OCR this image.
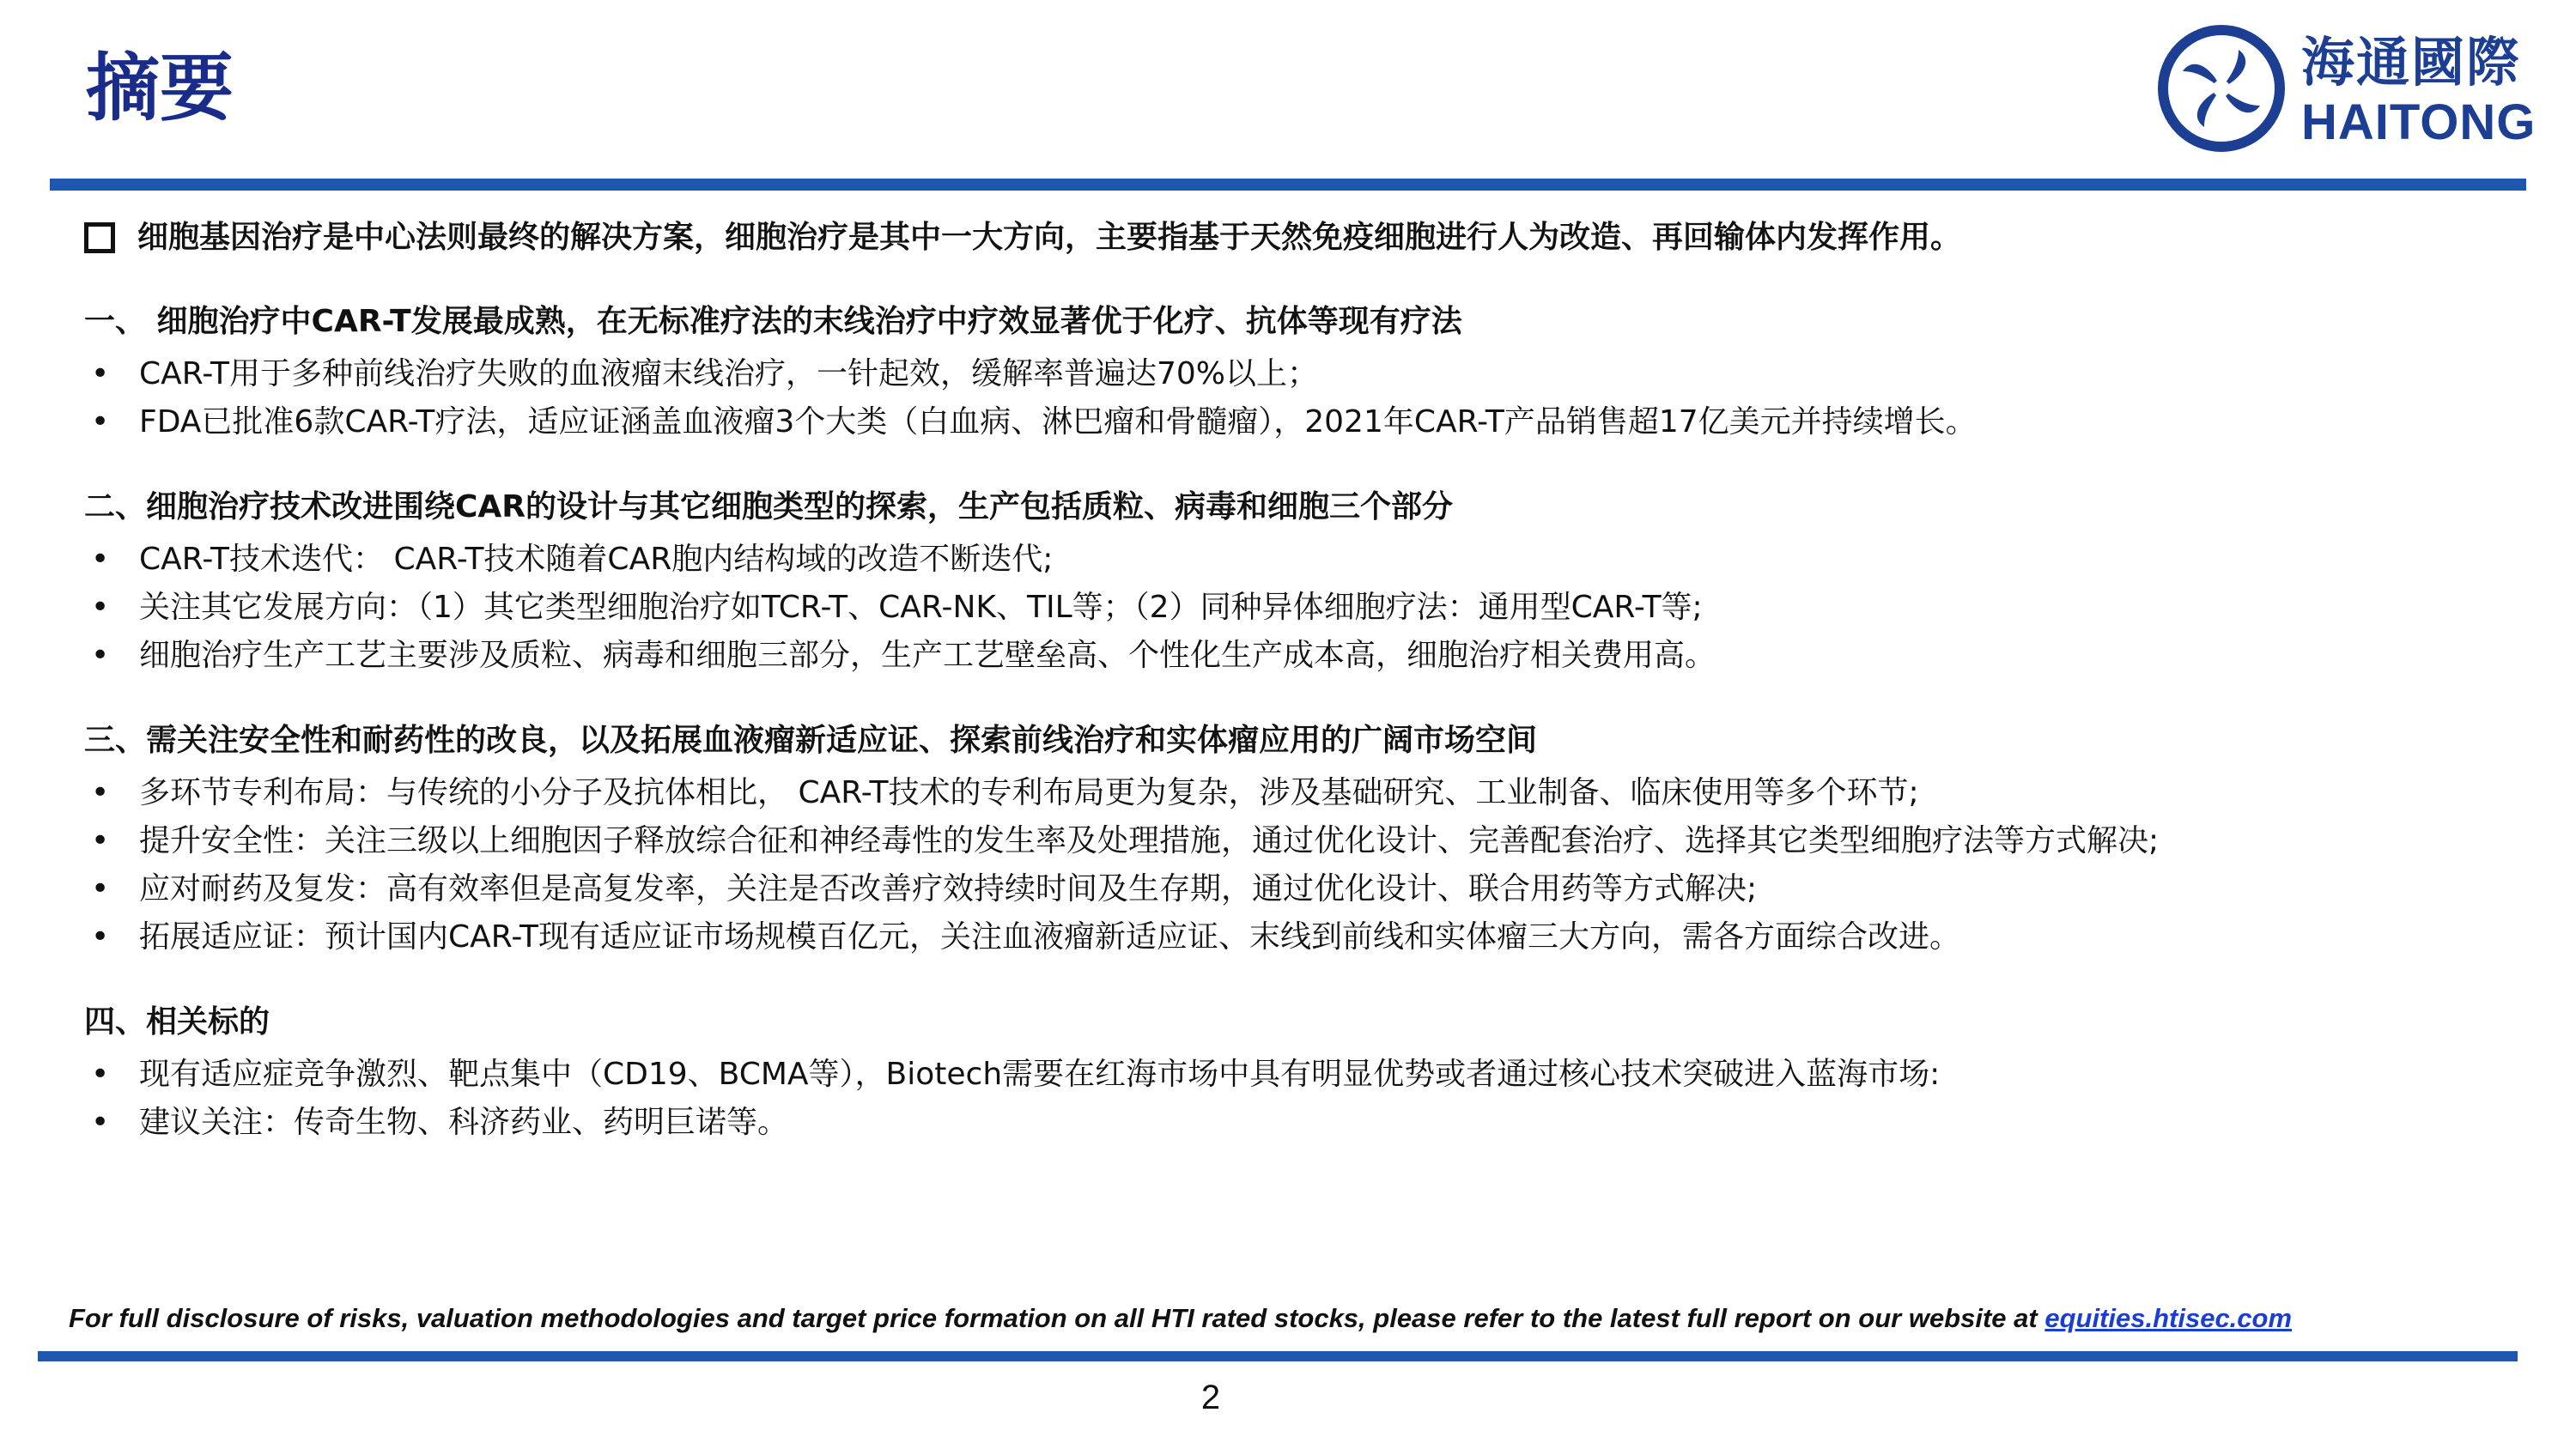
摘要	海通國際
HAITONG
细胞基因治疗是中心法则最终的解决方案，细胞治疗是其中一大方向，主要指基于天然免疫细胞进行人为改造、再回输体内发挥作用。
一、 细胞治疗中CAR-T发展最成熟，在无标准疗法的末线治疗中疗效显著优于化疗、抗体等现有疗法
• CAR-T用于多种前线治疗失败的血液瘤末线治疗，一针起效，缓解率普遍达70%以上；
• FDA已批准6款CAR-T疗法，适应证涵盖血液瘤3个大类（白血病、淋巴瘤和骨髓瘤），2021年CAR-T产品销售超17亿美元并持续增长。
二、细胞治疗技术改进围绕CAR的设计与其它细胞类型的探索，生产包括质粒、病毒和细胞三个部分
• CAR-T技术迭代： CAR-T技术随着CAR胞内结构域的改造不断迭代;
• 关注其它发展方向：（1）其它类型细胞治疗如TCR-T、CAR-NK、TIL等；（2）同种异体细胞疗法：通用型CAR-T等;
• 细胞治疗生产工艺主要涉及质粒、病毒和细胞三部分，生产工艺壁垒高、个性化生产成本高，细胞治疗相关费用高。
三、需关注安全性和耐药性的改良，以及拓展血液瘤新适应证、探索前线治疗和实体瘤应用的广阔市场空间
• 多环节专利布局：与传统的小分子及抗体相比， CAR-T技术的专利布局更为复杂，涉及基础研究、工业制备、临床使用等多个环节;
• 提升安全性：关注三级以上细胞因子释放综合征和神经毒性的发生率及处理措施，通过优化设计、完善配套治疗、选择其它类型细胞疗法等方式解决;
• 应对耐药及复发：高有效率但是高复发率，关注是否改善疗效持续时间及生存期，通过优化设计、联合用药等方式解决;
• 拓展适应证：预计国内CAR-T现有适应证市场规模百亿元，关注血液瘤新适应证、末线到前线和实体瘤三大方向，需各方面综合改进。
四、相关标的
• 现有适应症竞争激烈、靶点集中（CD19、BCMA等），Biotech需要在红海市场中具有明显优势或者通过核心技术突破进入蓝海市场:
• 建议关注：传奇生物、科济药业、药明巨诺等。
For full disclosure of risks, valuation methodologies and target price formation on all HTI rated stocks, please refer to the latest full report on our website at equities.htisec.com
2
